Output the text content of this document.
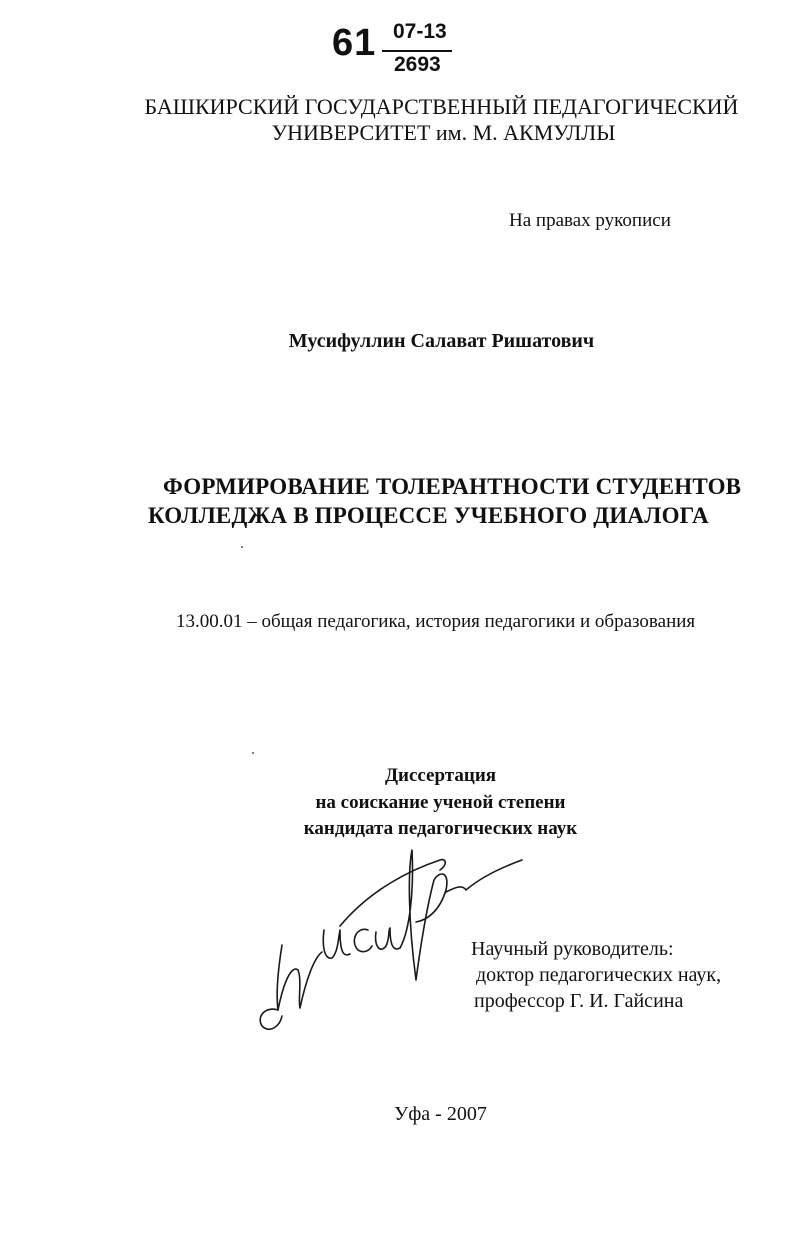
61 07-13
2693
БАШКИРСКИЙ ГОСУДАРСТВЕННЫЙ ПЕДАГОГИЧЕСКИЙ
УНИВЕРСИТЕТ им. М. АКМУЛЛЫ
На правах рукописи
Мусифуллин Салават Ришатович
ФОРМИРОВАНИЕ ТОЛЕРАНТНОСТИ СТУДЕНТОВ
КОЛЛЕДЖА В ПРОЦЕССЕ УЧЕБНОГО ДИАЛОГА
13.00.01 – общая педагогика, история педагогики и образования
Диссертация
на соискание ученой степени
кандидата педагогических наук
Научный руководитель:
доктор педагогических наук,
профессор Г. И. Гайсина
Уфа - 2007
